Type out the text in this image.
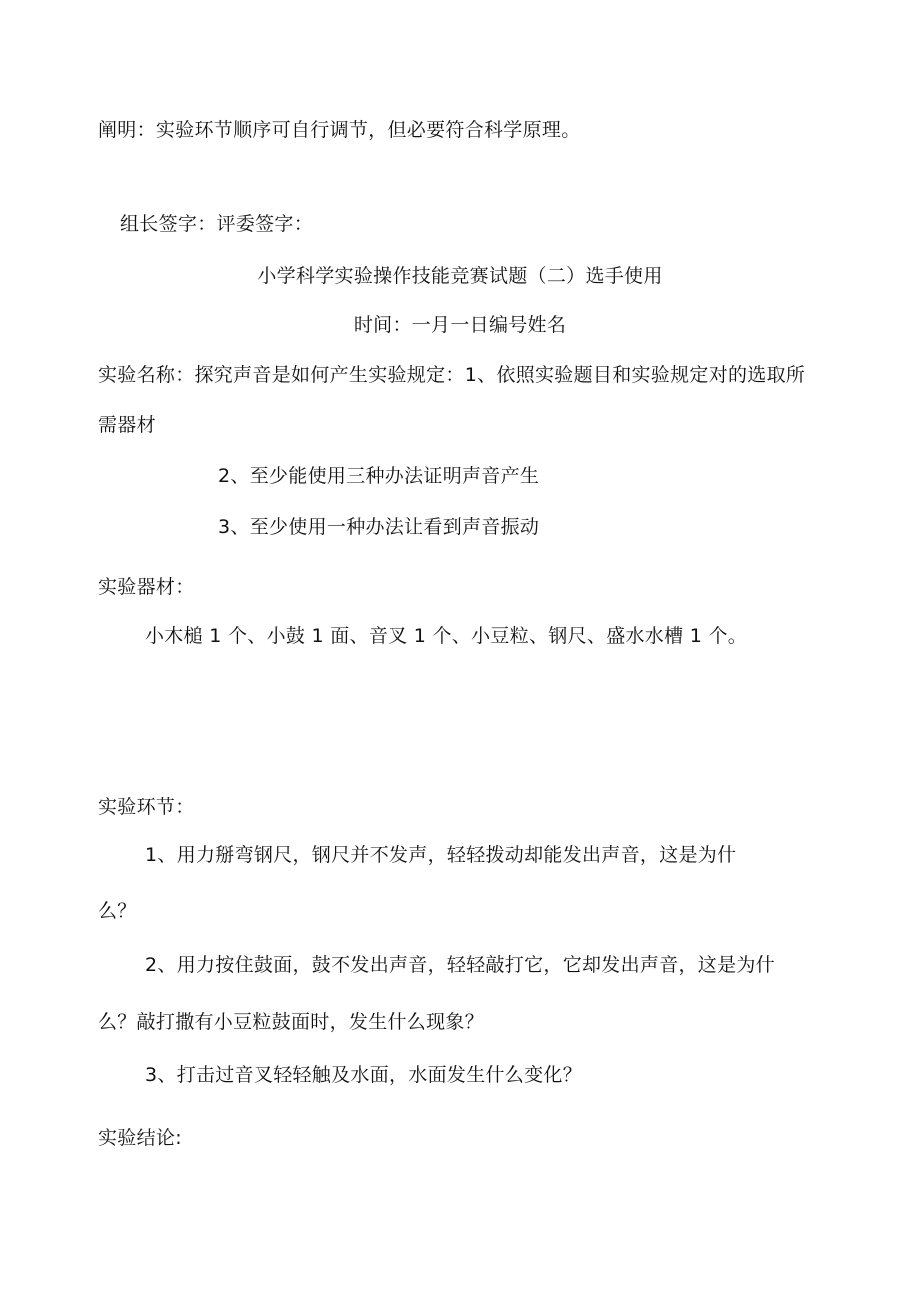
阐明：实验环节顺序可自行调节，但必要符合科学原理。
组长签字：评委签字：
小学科学实验操作技能竞赛试题（二）选手使用
时间：一月一日编号姓名
实验名称：探究声音是如何产生实验规定：1、依照实验题目和实验规定对的选取所
需器材
2、至少能使用三种办法证明声音产生
3、至少使用一种办法让看到声音振动
实验器材：
小木槌 1 个、小鼓 1 面、音叉 1 个、小豆粒、钢尺、盛水水槽 1 个。
实验环节：
1、用力掰弯钢尺，钢尺并不发声，轻轻拨动却能发出声音，这是为什
么？
2、用力按住鼓面，鼓不发出声音，轻轻敲打它，它却发出声音，这是为什
么？敲打撒有小豆粒鼓面时，发生什么现象？
3、打击过音叉轻轻触及水面，水面发生什么变化？
实验结论:
